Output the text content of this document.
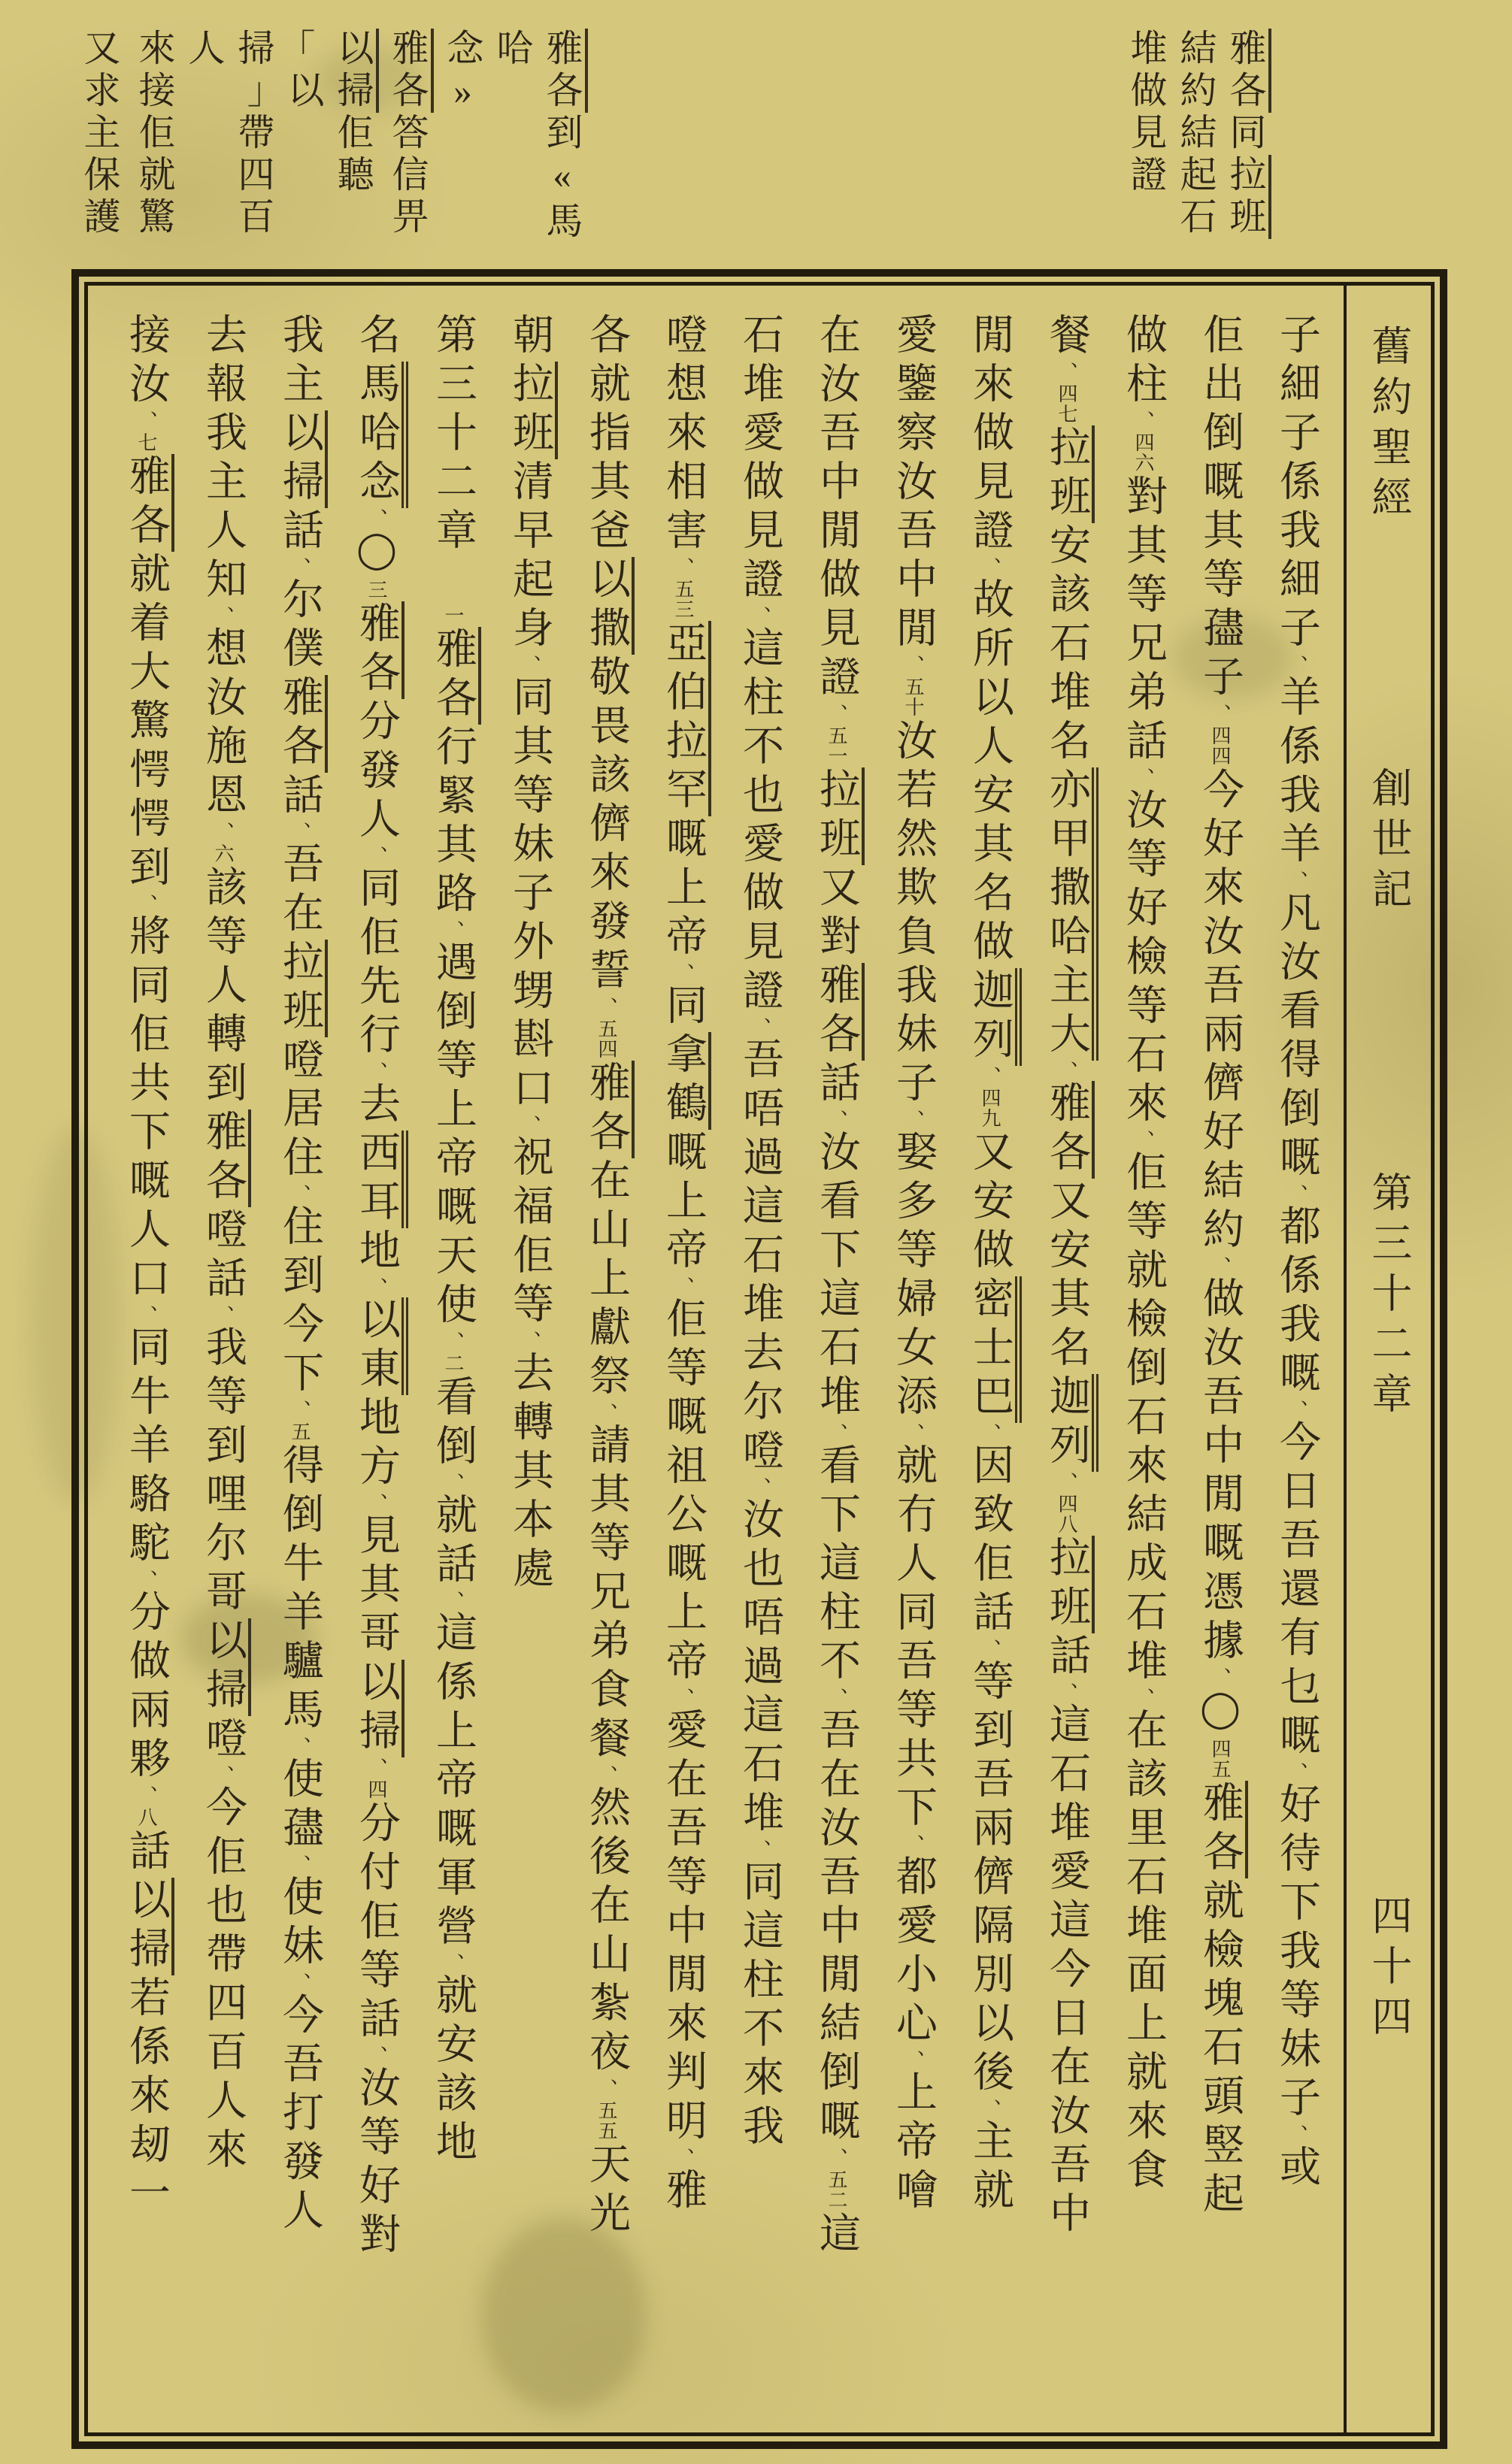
雅各同拉班
結約結起石
堆做見證
雅各到«馬哈
念»
雅各答信畀
以掃佢聽｢以
掃｣帶四百人
來接佢就驚
又求主保護
舊約聖經
創世記
第三十二章
四十四
子細子係我細子、羊係我羊、凡汝看得倒嘅、都係我嘅、今日吾還有乜嘅、好待下我等妹子、或
佢出倒嘅其等孻子、四四今好來汝吾兩儕好結約、做汝吾中閒嘅憑據、◯四五雅各就檢塊石頭竪起
做柱、四六對其等兄弟話、汝等好檢等石來、佢等就檢倒石來結成石堆、在該里石堆面上就來食
餐、四七拉班安該石堆名亦甲撒哈主大、雅各又安其名迦列、四八拉班話、這石堆愛這今日在汝吾中
閒來做見證、故所以人安其名做迦列、四九又安做密士巴、因致佢話、等到吾兩儕隔別以後、主就
愛鑒察汝吾中閒、五十汝若然欺負我妹子、娶多等婦女添、就冇人同吾等共下、都愛小心、上帝噲
在汝吾中閒做見證、五一拉班又對雅各話、汝看下這石堆、看下這柱不、吾在汝吾中閒結倒嘅、五二這
石堆愛做見證、這柱不也愛做見證、吾唔過這石堆去尔噔、汝也唔過這石堆、同這柱不來我
噔想來相害、五三亞伯拉罕嘅上帝、同拿鶴嘅上帝、佢等嘅祖公嘅上帝、愛在吾等中閒來判明、雅
各就指其爸以撒敬畏該儕來發誓、五四雅各在山上獻祭、請其等兄弟食餐、然後在山紮夜、五五天光
朝拉班清早起身、同其等妹子外甥斟口、祝福佢等、去轉其本處
第三十二章一雅各行緊其路、遇倒等上帝嘅天使、二看倒、就話、這係上帝嘅軍營、就安該地
名馬哈念、◯三雅各分發人、同佢先行、去西耳地、以東地方、見其哥以掃、四分付佢等話、汝等好對
我主以掃話、尔僕雅各話、吾在拉班噔居住、住到今下、五得倒牛羊驢馬、使孻、使妹、今吾打發人
去報我主人知、想汝施恩、六該等人轉到雅各噔話、我等到哩尔哥以掃噔、今佢也帶四百人來
接汝、七雅各就着大驚愕愕到、將同佢共下嘅人口、同牛羊駱駝、分做兩夥、八話以掃若係來刼一
